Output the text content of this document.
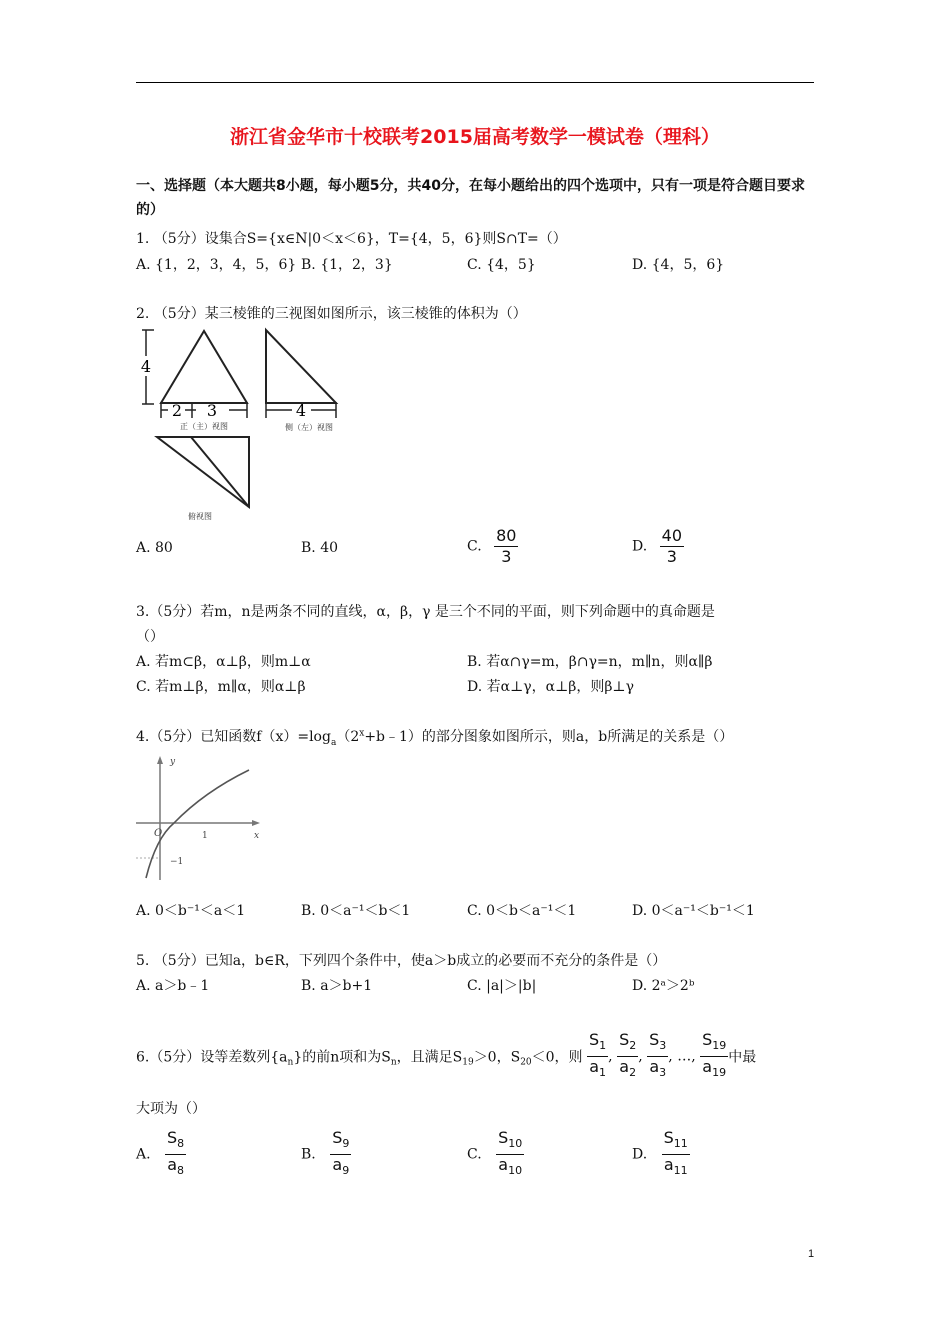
浙江省金华市十校联考2015届高考数学一模试卷（理科）
一、选择题（本大题共8小题，每小题5分，共40分，在每小题给出的四个选项中，只有一项是符合题目要求的）
1. （5分）设集合S={x∈N|0＜x＜6}，T={4，5，6}则S∩T=（）
A. {1，2，3，4，5，6} B. {1，2，3}	C. {4，5}	D. {4，5，6}
2. （5分）某三棱锥的三视图如图所示，该三棱锥的体积为（）
4
2 3
正（主）视图
4
侧（左）视图
俯视图
A. 80	B. 40	C. $\frac{80}{3}$	D. $\frac{40}{3}$
3.（5分）若m，n是两条不同的直线，α，β，γ 是三个不同的平面，则下列命题中的真命题是
（）
A. 若m⊂β，α⊥β，则m⊥α	B. 若α∩γ=m，β∩γ=n，m∥n，则α∥β
C. 若m⊥β，m∥α，则α⊥β	D. 若α⊥γ，α⊥β，则β⊥γ
4.（5分）已知函数$f(x)=\log_a(2^x+b﹣1)$的部分图象如图所示，则a，b所满足的关系是（）
y
x
O	1
−1
A. 0＜b⁻¹＜a＜1	B. 0＜a⁻¹＜b＜1	C. 0＜b＜a⁻¹＜1	D. 0＜a⁻¹＜b⁻¹＜1
5. （5分）已知a，b∈R，下列四个条件中，使a＞b成立的必要而不充分的条件是（）
A. a＞b﹣1	B. a＞b+1	C. |a|＞|b|	D. 2ᵃ＞2ᵇ
6.（5分）设等差数列$\{a_n\}$的前n项和为$S_n$，且满足$S_{19}>0$，$S_{20}<0$，则 $\frac{S_1}{a_1}$ , $\frac{S_2}{a_2}$ , $\frac{S_3}{a_3}$ , …, $\frac{S_{19}}{a_{19}}$ 中最
大项为（）
A. $\frac{S_8}{a_8}$	B. $\frac{S_9}{a_9}$	C. $\frac{S_{10}}{a_{10}}$	D. $\frac{S_{11}}{a_{11}}$
1
